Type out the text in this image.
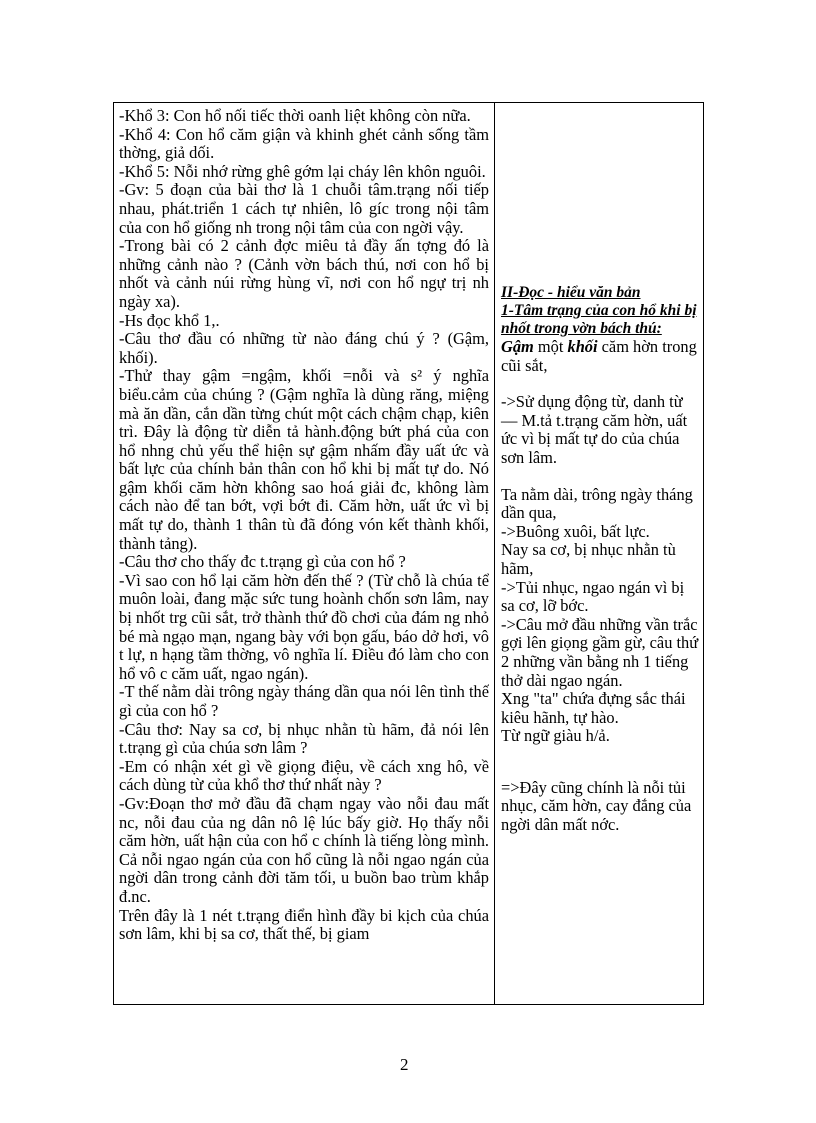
-Khổ 3: Con hổ nối tiếc thời oanh liệt không còn nữa.

-Khổ 4: Con hổ căm giận và khinh ghét cảnh sống tầm thờng, giả dối.

-Khổ 5: Nỗi nhớ rừng ghê gớm lại cháy lên khôn nguôi.

-Gv: 5 đoạn của bài thơ là 1 chuỗi tâm.trạng nối tiếp nhau, phát.triển 1 cách tự nhiên, lô gíc trong nội tâm của con hổ giống nh trong nội tâm của con ngời vậy.

-Trong bài có 2 cảnh đợc miêu tả đầy ấn tợng đó là những cảnh nào ? (Cảnh vờn bách thú, nơi con hổ bị nhốt và cảnh núi rừng hùng vĩ, nơi con hổ ngự trị nh ngày xa).

-Hs đọc khổ 1,.

-Câu thơ đầu có những từ nào đáng chú ý ? (Gậm, khối).

-Thử thay gậm =ngậm, khối =nỗi và s² ý nghĩa biểu.cảm của chúng ? (Gậm nghĩa là dùng răng, miệng mà ăn dần, cắn dần từng chút một cách chậm chạp, kiên trì. Đây là động từ diễn tả hành.động bứt phá của con hổ nhng chủ yếu thể hiện sự gậm nhấm đầy uất ức và bất lực của chính bản thân con hổ khi bị mất tự do. Nó gậm khối căm hờn không sao hoá giải đc, không làm cách nào để tan bớt, vợi bớt đi. Căm hờn, uất ức vì bị mất tự do, thành 1 thân tù đã đóng vón kết thành khối, thành tảng).

-Câu thơ cho thấy đc t.trạng gì của con hổ ?

-Vì sao con hổ lại căm hờn đến thế ? (Từ chỗ là chúa tể muôn loài, đang mặc sức tung hoành chốn sơn lâm, nay bị nhốt trg cũi sắt, trở thành thứ đồ chơi của đám ng nhỏ bé mà ngạo mạn, ngang bày với bọn gấu, báo dở hơi, vô t lự, n hạng tầm thờng, vô nghĩa lí. Điều đó làm cho con hổ vô c căm uất, ngao ngán).

-T thế nằm dài trông ngày tháng dần qua nói lên tình thế gì của con hổ ?

-Câu thơ: Nay sa cơ, bị nhục nhằn tù hãm, đả nói lên t.trạng gì của chúa sơn lâm ?

-Em có nhận xét gì về giọng điệu, về cách xng hô, về cách dùng từ của khổ thơ thứ nhất này ?

-Gv:Đoạn thơ mở đầu đã chạm ngay vào nỗi đau mất nc, nỗi đau của ng dân nô lệ lúc bấy giờ. Họ thấy nỗi căm hờn, uất hận của con hổ c chính là tiếng lòng mình. Cả nỗi ngao ngán của con hổ cũng là nỗi ngao ngán của ngời dân trong cảnh đời tăm tối, u buồn bao trùm khắp đ.nc.

Trên đây là 1 nét t.trạng điển hình đầy bi kịch của chúa sơn lâm, khi bị sa cơ, thất thế, bị giam

II-Đọc - hiểu văn bản

1-Tâm trạng của con hổ khi bị nhốt trong vờn bách thú:

Gậm một khối căm hờn trong cũi sắt,

->Sử dụng động từ, danh từ — M.tả t.trạng căm hờn, uất ức vì bị mất tự do của chúa sơn lâm.

Ta nằm dài, trông ngày tháng dần qua,

->Buông xuôi, bất lực.

Nay sa cơ, bị nhục nhằn tù hãm,

->Tủi nhục, ngao ngán vì bị sa cơ, lỡ bớc.

->Câu mở đầu những vần trắc gợi lên giọng gầm gừ, câu thứ 2 những vần bằng nh 1 tiếng thở dài ngao ngán.

Xng "ta" chứa đựng sắc thái kiêu hãnh, tự hào.

Từ ngữ giàu h/ả.

=>Đây cũng chính là nỗi tủi nhục, căm hờn, cay đắng của ngời dân mất nớc.

2
